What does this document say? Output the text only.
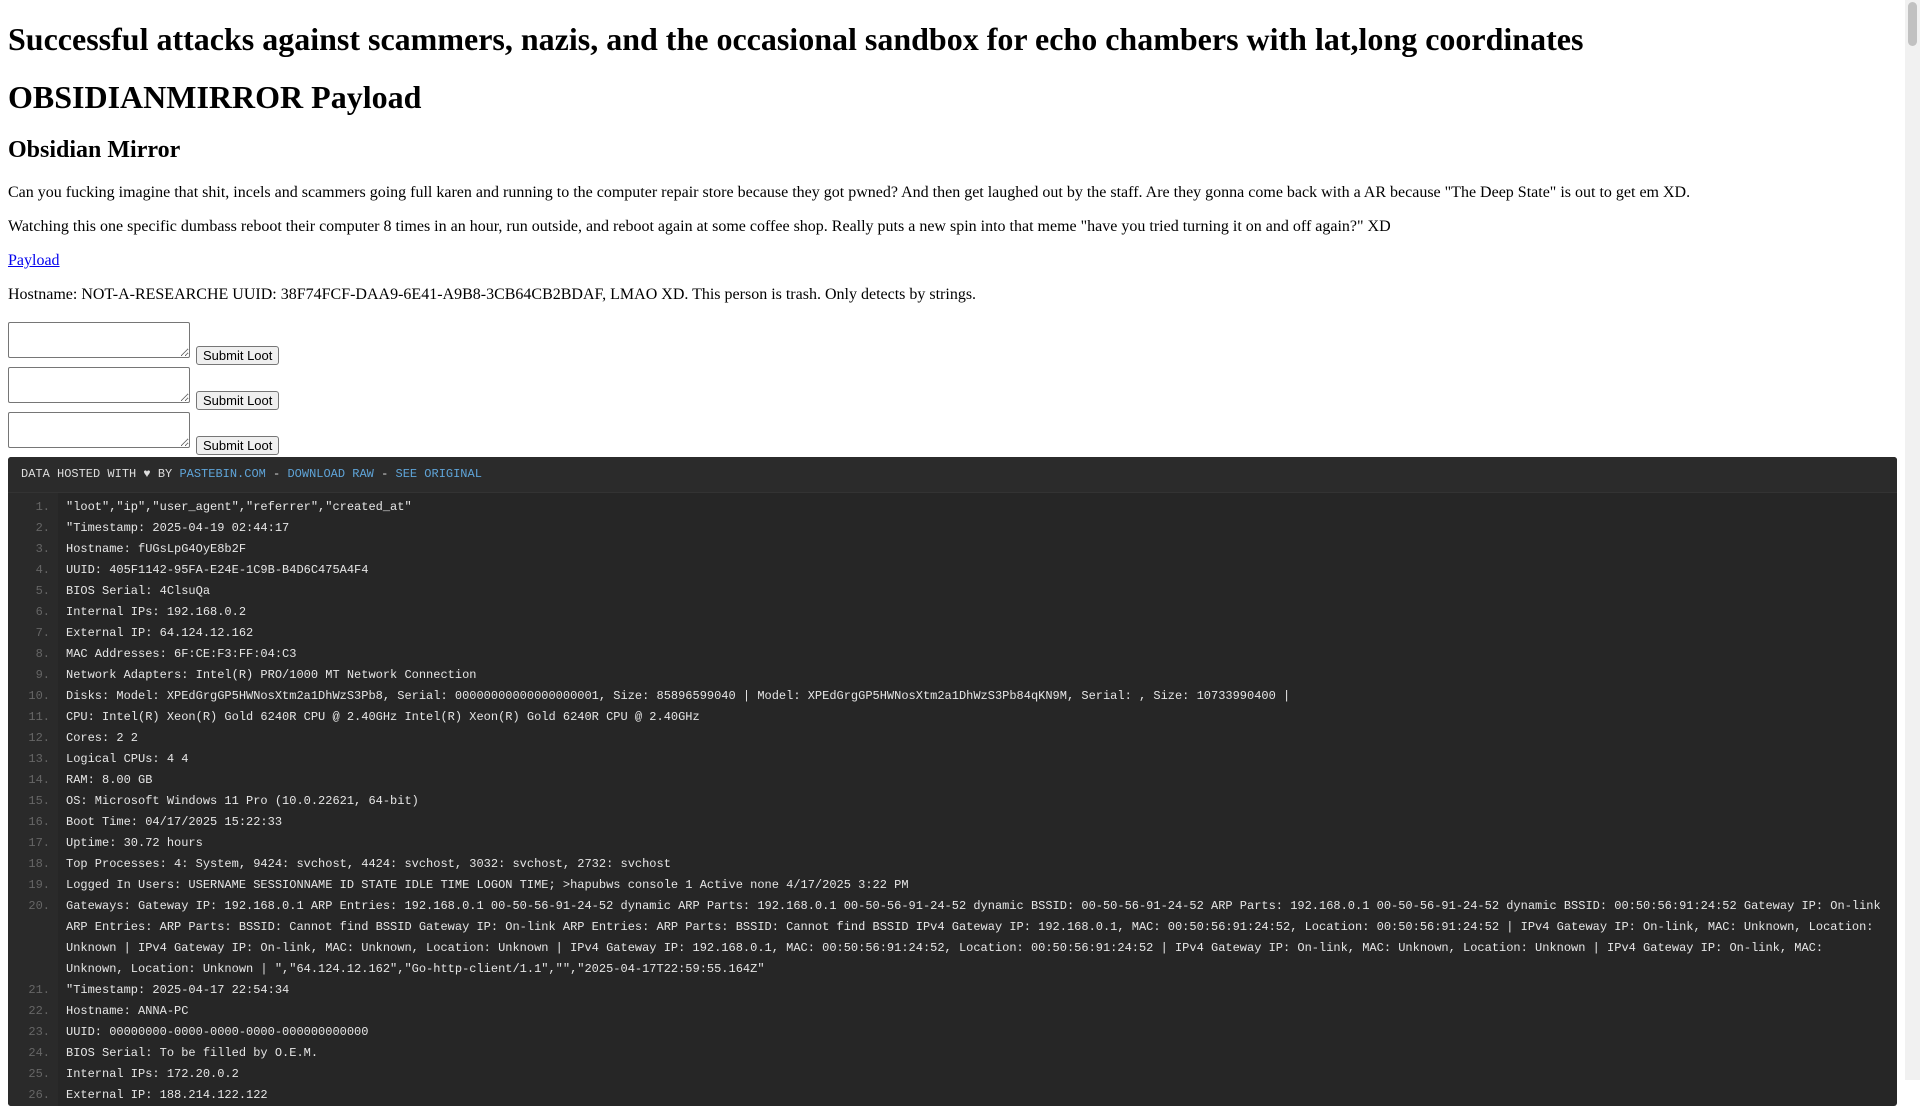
Successful attacks against scammers, nazis, and the occasional sandbox for echo chambers with lat,long coordinates
OBSIDIANMIRROR Payload
Obsidian Mirror

Can you fucking imagine that shit, incels and scammers going full karen and running to the computer repair store because they got pwned? And then get laughed out by the staff. Are they gonna come back with a AR because "The Deep State" is out to get em XD.

Watching this one specific dumbass reboot their computer 8 times in an hour, run outside, and reboot again at some coffee shop. Really puts a new spin into that meme "have you tried turning it on and off again?" XD

Payload

Hostname: NOT-A-RESEARCHE UUID: 38F74FCF-DAA9-6E41-A9B8-3CB64CB2BDAF, LMAO XD. This person is trash. Only detects by strings.

Submit Loot
Submit Loot
Submit Loot
DATA HOSTED WITH ♥ BY PASTEBIN.COM - DOWNLOAD RAW - SEE ORIGINAL
1.	"loot","ip","user_agent","referrer","created_at"
2.	"Timestamp: 2025-04-19 02:44:17
3.	Hostname: fUGsLpG4OyE8b2F
4.	UUID: 405F1142-95FA-E24E-1C9B-B4D6C475A4F4
5.	BIOS Serial: 4ClsuQa
6.	Internal IPs: 192.168.0.2
7.	External IP: 64.124.12.162
8.	MAC Addresses: 6F:CE:F3:FF:04:C3
9.	Network Adapters: Intel(R) PRO/1000 MT Network Connection
10.	Disks: Model: XPEdGrgGP5HWNosXtm2a1DhWzS3Pb8, Serial: 00000000000000000001, Size: 85896599040 | Model: XPEdGrgGP5HWNosXtm2a1DhWzS3Pb84qKN9M, Serial: , Size: 10733990400 |
11.	CPU: Intel(R) Xeon(R) Gold 6240R CPU @ 2.40GHz Intel(R) Xeon(R) Gold 6240R CPU @ 2.40GHz
12.	Cores: 2 2
13.	Logical CPUs: 4 4
14.	RAM: 8.00 GB
15.	OS: Microsoft Windows 11 Pro (10.0.22621, 64-bit)
16.	Boot Time: 04/17/2025 15:22:33
17.	Uptime: 30.72 hours
18.	Top Processes: 4: System, 9424: svchost, 4424: svchost, 3032: svchost, 2732: svchost
19.	Logged In Users: USERNAME SESSIONNAME ID STATE IDLE TIME LOGON TIME; >hapubws console 1 Active none 4/17/2025 3:22 PM
20.	Gateways: Gateway IP: 192.168.0.1 ARP Entries: 192.168.0.1 00-50-56-91-24-52 dynamic ARP Parts: 192.168.0.1 00-50-56-91-24-52 dynamic BSSID: 00-50-56-91-24-52 ARP Parts: 192.168.0.1 00-50-56-91-24-52 dynamic BSSID: 00:50:56:91:24:52 Gateway IP: On-link ARP Entries: ARP Parts: BSSID: Cannot find BSSID Gateway IP: On-link ARP Entries: ARP Parts: BSSID: Cannot find BSSID IPv4 Gateway IP: 192.168.0.1, MAC: 00:50:56:91:24:52, Location: 00:50:56:91:24:52 | IPv4 Gateway IP: On-link, MAC: Unknown, Location: Unknown | IPv4 Gateway IP: On-link, MAC: Unknown, Location: Unknown | IPv4 Gateway IP: 192.168.0.1, MAC: 00:50:56:91:24:52, Location: 00:50:56:91:24:52 | IPv4 Gateway IP: On-link, MAC: Unknown, Location: Unknown | IPv4 Gateway IP: On-link, MAC: Unknown, Location: Unknown | ","64.124.12.162","Go-http-client/1.1","","2025-04-17T22:59:55.164Z"
21.	"Timestamp: 2025-04-17 22:54:34
22.	Hostname: ANNA-PC
23.	UUID: 00000000-0000-0000-0000-000000000000
24.	BIOS Serial: To be filled by O.E.M.
25.	Internal IPs: 172.20.0.2
26.	External IP: 188.214.122.122
